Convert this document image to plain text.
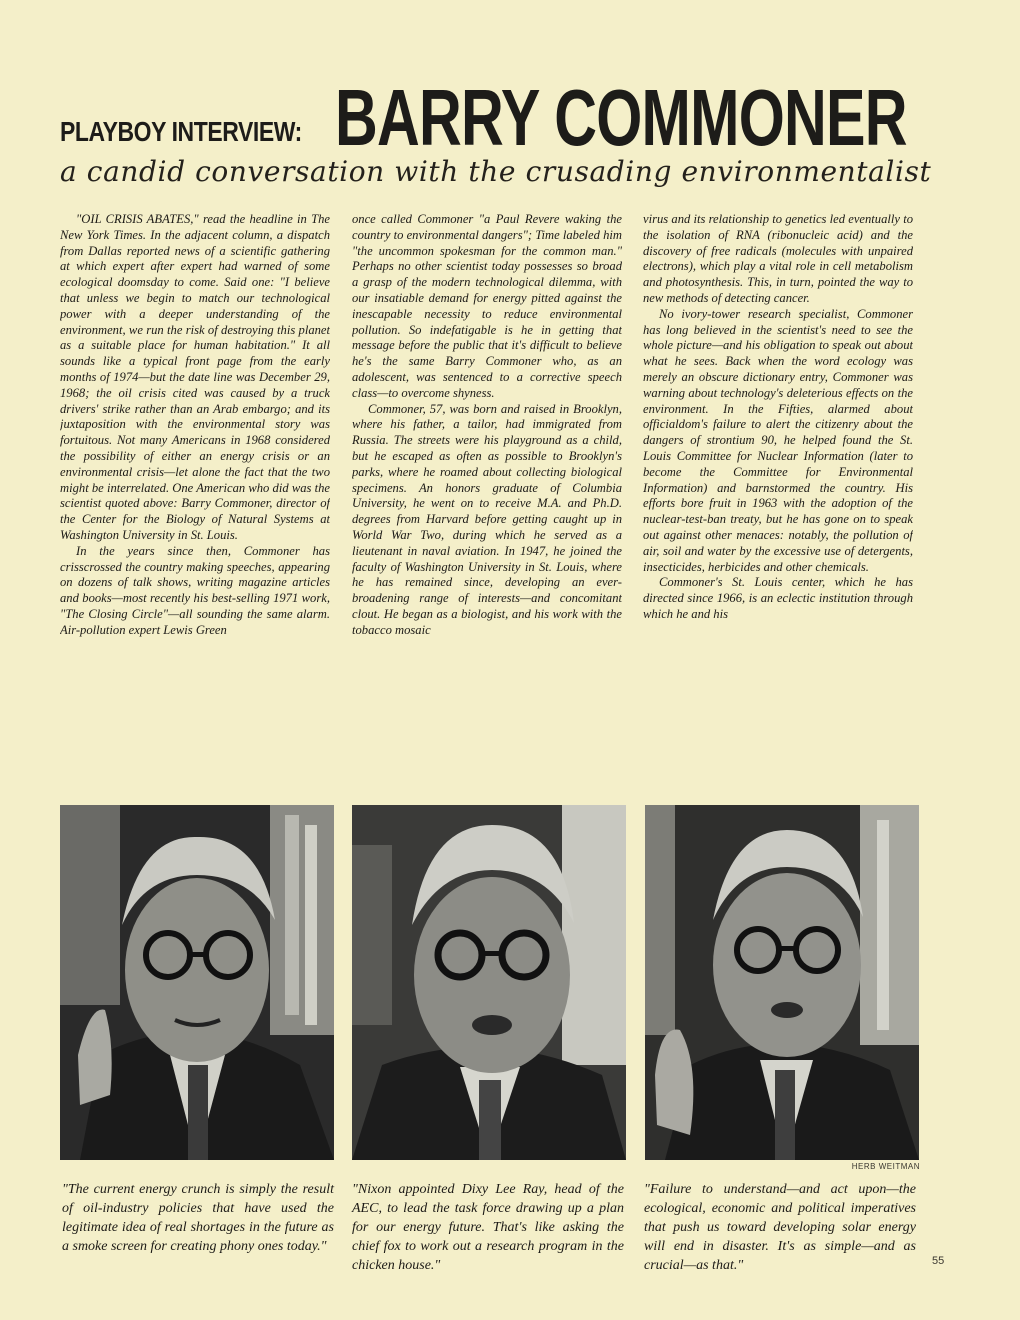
PLAYBOY INTERVIEW: BARRY COMMONER
a candid conversation with the crusading environmentalist

"OIL CRISIS ABATES," read the headline in The New York Times. In the adjacent column, a dispatch from Dallas reported news of a scientific gathering at which expert after expert had warned of some ecological doomsday to come. Said one: "I believe that unless we begin to match our technological power with a deeper understanding of the environment, we run the risk of destroying this planet as a suitable place for human habitation." It all sounds like a typical front page from the early months of 1974—but the date line was December 29, 1968; the oil crisis cited was caused by a truck drivers' strike rather than an Arab embargo; and its juxtaposition with the environmental story was fortuitous. Not many Americans in 1968 considered the possibility of either an energy crisis or an environmental crisis—let alone the fact that the two might be interrelated. One American who did was the scientist quoted above: Barry Commoner, director of the Center for the Biology of Natural Systems at Washington University in St. Louis.

In the years since then, Commoner has crisscrossed the country making speeches, appearing on dozens of talk shows, writing magazine articles and books—most recently his best-selling 1971 work, "The Closing Circle"—all sounding the same alarm. Air-pollution expert Lewis Green

once called Commoner "a Paul Revere waking the country to environmental dangers"; Time labeled him "the uncommon spokesman for the common man." Perhaps no other scientist today possesses so broad a grasp of the modern technological dilemma, with our insatiable demand for energy pitted against the inescapable necessity to reduce environmental pollution. So indefatigable is he in getting that message before the public that it's difficult to believe he's the same Barry Commoner who, as an adolescent, was sentenced to a corrective speech class—to overcome shyness.

Commoner, 57, was born and raised in Brooklyn, where his father, a tailor, had immigrated from Russia. The streets were his playground as a child, but he escaped as often as possible to Brooklyn's parks, where he roamed about collecting biological specimens. An honors graduate of Columbia University, he went on to receive M.A. and Ph.D. degrees from Harvard before getting caught up in World War Two, during which he served as a lieutenant in naval aviation. In 1947, he joined the faculty of Washington University in St. Louis, where he has remained since, developing an ever-broadening range of interests—and concomitant clout. He began as a biologist, and his work with the tobacco mosaic

virus and its relationship to genetics led eventually to the isolation of RNA (ribonucleic acid) and the discovery of free radicals (molecules with unpaired electrons), which play a vital role in cell metabolism and photosynthesis. This, in turn, pointed the way to new methods of detecting cancer.

No ivory-tower research specialist, Commoner has long believed in the scientist's need to see the whole picture—and his obligation to speak out about what he sees. Back when the word ecology was merely an obscure dictionary entry, Commoner was warning about technology's deleterious effects on the environment. In the Fifties, alarmed about officialdom's failure to alert the citizenry about the dangers of strontium 90, he helped found the St. Louis Committee for Nuclear Information (later to become the Committee for Environmental Information) and barnstormed the country. His efforts bore fruit in 1963 with the adoption of the nuclear-test-ban treaty, but he has gone on to speak out against other menaces: notably, the pollution of air, soil and water by the excessive use of detergents, insecticides, herbicides and other chemicals.

Commoner's St. Louis center, which he has directed since 1966, is an eclectic institution through which he and his

HERB WEITMAN
"The current energy crunch is simply the result of oil-industry policies that have used the legitimate idea of real shortages in the future as a smoke screen for creating phony ones today."
"Nixon appointed Dixy Lee Ray, head of the AEC, to lead the task force drawing up a plan for our energy future. That's like asking the chief fox to work out a research program in the chicken house."
"Failure to understand—and act upon—the ecological, economic and political imperatives that push us toward developing solar energy will end in disaster. It's as simple—and as crucial—as that."	55
